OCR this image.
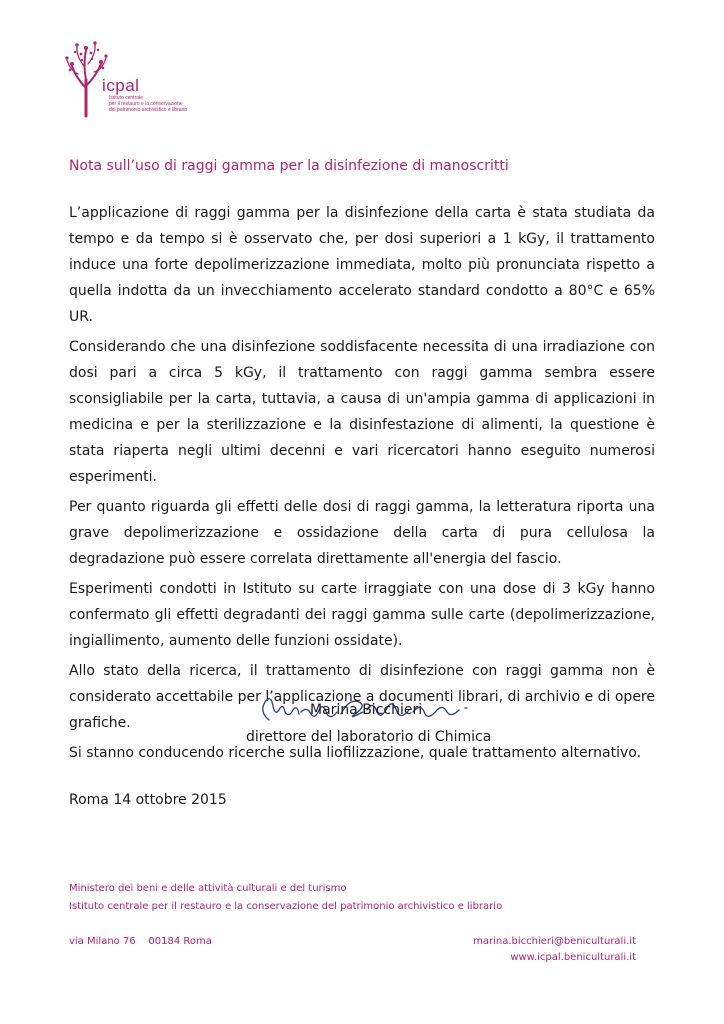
icpal
Istituto centrale
per il restauro e la conservazione
del patrimonio archivistico e librario
Nota sull’uso di raggi gamma per la disinfezione di manoscritti

L’applicazione di raggi gamma per la disinfezione della carta è stata studiata da tempo e da tempo si è osservato che, per dosi superiori a 1 kGy, il trattamento induce una forte depolimerizzazione immediata, molto più pronunciata rispetto a quella indotta da un invecchiamento accelerato standard condotto a 80°C e 65% UR.

Considerando che una disinfezione soddisfacente necessita di una irradiazione con dosi pari a circa 5 kGy, il trattamento con raggi gamma sembra essere sconsigliabile per la carta, tuttavia, a causa di un'ampia gamma di applicazioni in medicina e per la sterilizzazione e la disinfestazione di alimenti, la questione è stata riaperta negli ultimi decenni e vari ricercatori hanno eseguito numerosi esperimenti.

Per quanto riguarda gli effetti delle dosi di raggi gamma, la letteratura riporta una grave depolimerizzazione e ossidazione della carta di pura cellulosa la degradazione può essere correlata direttamente all'energia del fascio.

Esperimenti condotti in Istituto su carte irraggiate con una dose di 3 kGy hanno confermato gli effetti degradanti dei raggi gamma sulle carte (depolimerizzazione, ingiallimento, aumento delle funzioni ossidate).

Allo stato della ricerca, il trattamento di disinfezione con raggi gamma non è considerato accettabile per l’applicazione a documenti librari, di archivio e di opere grafiche.

Si stanno conducendo ricerche sulla liofilizzazione, quale trattamento alternativo.

Marina Bicchieri
direttore del laboratorio di Chimica
Roma 14 ottobre 2015
Ministero dei beni e delle attività culturali e del turismo
Istituto centrale per il restauro e la conservazione del patrimonio archivistico e librario
via Milano 76    00184 Roma	marina.bicchieri@beniculturali.it
www.icpal.beniculturali.it
